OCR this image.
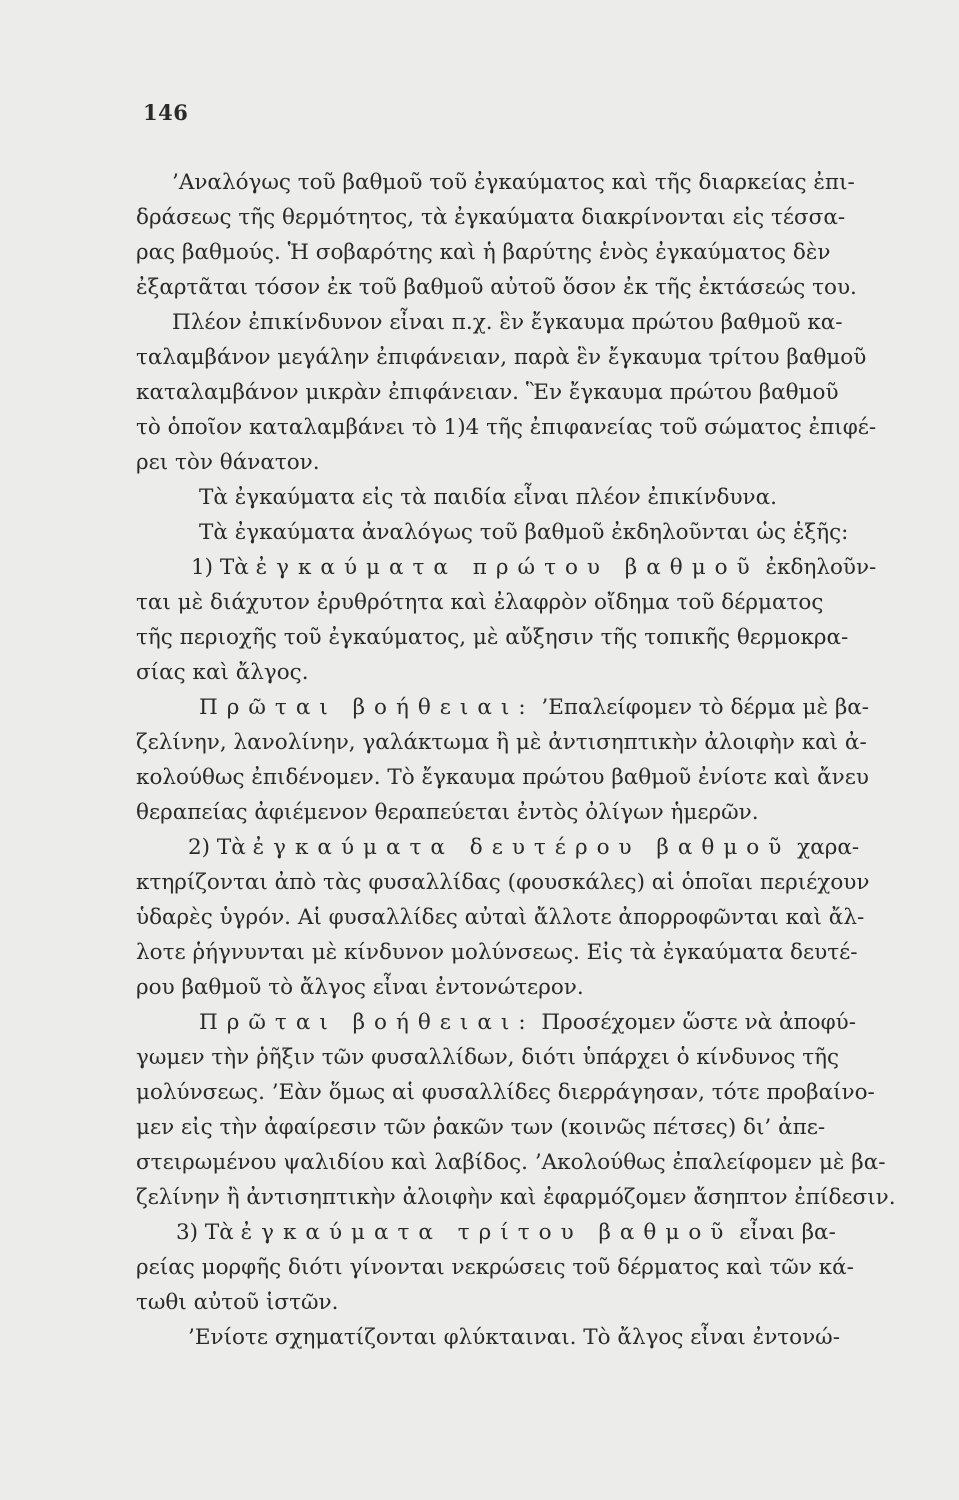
146
’Αναλόγως τοῦ βαθμοῦ τοῦ ἐγκαύματος καὶ τῆς διαρκείας ἐπι-
δράσεως τῆς θερμότητος, τὰ ἐγκαύματα διακρίνονται εἰς τέσσα-
ρας βαθμούς. Ἡ σοβαρότης καὶ ἡ βαρύτης ἑνὸς ἐγκαύματος δὲν
ἐξαρτᾶται τόσον ἐκ τοῦ βαθμοῦ αὐτοῦ ὅσον ἐκ τῆς ἐκτάσεώς του.
Πλέον ἐπικίνδυνον εἶναι π.χ. ἓν ἔγκαυμα πρώτου βαθμοῦ κα-
ταλαμβάνον μεγάλην ἐπιφάνειαν, παρὰ ἓν ἔγκαυμα τρίτου βαθμοῦ
καταλαμβάνον μικρὰν ἐπιφάνειαν. Ἓν ἔγκαυμα πρώτου βαθμοῦ
τὸ ὁποῖον καταλαμβάνει τὸ 1)4 τῆς ἐπιφανείας τοῦ σώματος ἐπιφέ-
ρει τὸν θάνατον.
Τὰ ἐγκαύματα εἰς τὰ παιδία εἶναι πλέον ἐπικίνδυνα.
Τὰ ἐγκαύματα ἀναλόγως τοῦ βαθμοῦ ἐκδηλοῦνται ὡς ἑξῆς:
1) Τὰ ἐγκαύματα πρώτου βαθμοῦ ἐκδηλοῦν-
ται μὲ διάχυτον ἐρυθρότητα καὶ ἐλαφρὸν οἴδημα τοῦ δέρματος
τῆς περιοχῆς τοῦ ἐγκαύματος, μὲ αὔξησιν τῆς τοπικῆς θερμοκρα-
σίας καὶ ἄλγος.
Πρῶται βοήθειαι: ’Επαλείφομεν τὸ δέρμα μὲ βα-
ζελίνην, λανολίνην, γαλάκτωμα ἢ μὲ ἀντισηπτικὴν ἀλοιφὴν καὶ ἀ-
κολούθως ἐπιδένομεν. Τὸ ἔγκαυμα πρώτου βαθμοῦ ἐνίοτε καὶ ἄνευ
θεραπείας ἀφιέμενον θεραπεύεται ἐντὸς ὀλίγων ἡμερῶν.
2) Τὰ ἐγκαύματα δευτέρου βαθμοῦ χαρα-
κτηρίζονται ἀπὸ τὰς φυσαλλίδας (φουσκάλες) αἱ ὁποῖαι περιέχουν
ὑδαρὲς ὑγρόν. Αἱ φυσαλλίδες αὐταὶ ἄλλοτε ἀπορροφῶνται καὶ ἄλ-
λοτε ῥήγνυνται μὲ κίνδυνον μολύνσεως. Εἰς τὰ ἐγκαύματα δευτέ-
ρου βαθμοῦ τὸ ἄλγος εἶναι ἐντονώτερον.
Πρῶται βοήθειαι: Προσέχομεν ὥστε νὰ ἀποφύ-
γωμεν τὴν ῥῆξιν τῶν φυσαλλίδων, διότι ὑπάρχει ὁ κίνδυνος τῆς
μολύνσεως. ’Εὰν ὅμως αἱ φυσαλλίδες διερράγησαν, τότε προβαίνο-
μεν εἰς τὴν ἀφαίρεσιν τῶν ῥακῶν των (κοινῶς πέτσες) δι’ ἀπε-
στειρωμένου ψαλιδίου καὶ λαβίδος. ’Ακολούθως ἐπαλείφομεν μὲ βα-
ζελίνην ἢ ἀντισηπτικὴν ἀλοιφὴν καὶ ἐφαρμόζομεν ἄσηπτον ἐπίδεσιν.
3) Τὰ ἐγκαύματα τρίτου βαθμοῦ εἶναι βα-
ρείας μορφῆς διότι γίνονται νεκρώσεις τοῦ δέρματος καὶ τῶν κά-
τωθι αὐτοῦ ἱστῶν.
’Ενίοτε σχηματίζονται φλύκταιναι. Τὸ ἄλγος εἶναι ἐντονώ-
